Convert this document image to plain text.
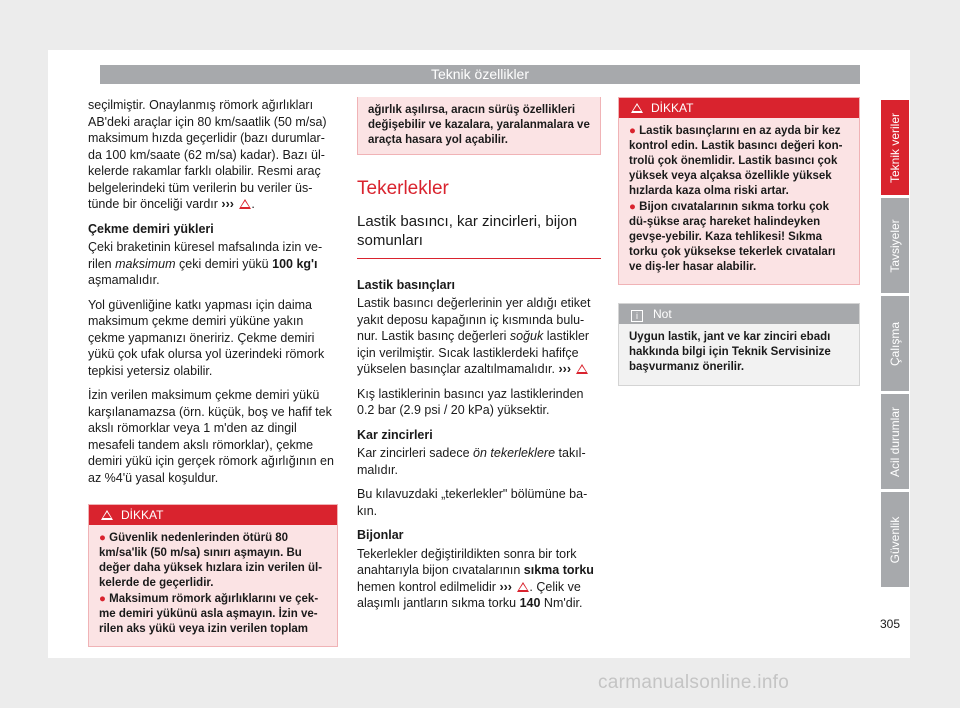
Teknik özellikler

seçilmiştir. Onaylanmış römork ağırlıkları AB'deki araçlar için 80 km/saatlik (50 m/sa) maksimum hızda geçerlidir (bazı durumlar-da 100 km/saate (62 m/sa) kadar). Bazı ül-kelerde rakamlar farklı olabilir. Resmi araç belgelerindeki tüm verilerin bu veriler üs-tünde bir önceliği vardır ››› .

Çekme demiri yükleri

Çeki braketinin küresel mafsalında izin ve-rilen maksimum çeki demiri yükü 100 kg'ı aşmamalıdır.

Yol güvenliğine katkı yapması için daima maksimum çekme demiri yüküne yakın çekme yapmanızı öneririz. Çekme demiri yükü çok ufak olursa yol üzerindeki römork tepkisi yetersiz olabilir.

İzin verilen maksimum çekme demiri yükü karşılanamazsa (örn. küçük, boş ve hafif tek akslı römorklar veya 1 m'den az dingil mesafeli tandem akslı römorklar), çekme demiri yükü için gerçek römork ağırlığının en az %4'ü yasal koşuldur.

DİKKAT
● Güvenlik nedenlerinden ötürü 80 km/sa'lik (50 m/sa) sınırı aşmayın. Bu değer daha yüksek hızlara izin verilen ül-kelerde de geçerlidir.
● Maksimum römork ağırlıklarını ve çek-me demiri yükünü asla aşmayın. İzin ve-rilen aks yükü veya izin verilen toplam
ağırlık aşılırsa, aracın sürüş özellikleri değişebilir ve kazalara, yaralanmalara ve araçta hasara yol açabilir.
Tekerlekler
Lastik basıncı, kar zincirleri, bijon somunları
Lastik basınçları

Lastik basıncı değerlerinin yer aldığı etiket yakıt deposu kapağının iç kısmında bulu-nur. Lastik basınç değerleri soğuk lastikler için verilmiştir. Sıcak lastiklerdeki hafifçe yükselen basınçlar azaltılmamalıdır. ›››

Kış lastiklerinin basıncı yaz lastiklerinden 0.2 bar (2.9 psi / 20 kPa) yüksektir.

Kar zincirleri

Kar zincirleri sadece ön tekerleklere takıl-malıdır.

Bu kılavuzdaki „tekerlekler" bölümüne ba-kın.

Bijonlar

Tekerlekler değiştirildikten sonra bir tork anahtarıyla bijon cıvatalarının sıkma torku hemen kontrol edilmelidir ››› . Çelik ve alaşımlı jantların sıkma torku 140 Nm'dir.

DİKKAT
● Lastik basınçlarını en az ayda bir kez kontrol edin. Lastik basıncı değeri kon-trolü çok önemlidir. Lastik basıncı çok yüksek veya alçaksa özellikle yüksek hızlarda kaza olma riski artar.
● Bijon cıvatalarının sıkma torku çok dü-şükse araç hareket halindeyken gevşe-yebilir. Kaza tehlikesi! Sıkma torku çok yüksekse tekerlek cıvataları ve diş-ler hasar alabilir.
i Not
Uygun lastik, jant ve kar zinciri ebadı hakkında bilgi için Teknik Servisinize başvurmanız önerilir.
Teknik veriler
Tavsiyeler
Çalışma
Acil durumlar
Güvenlik
305
carmanualsonline.info
